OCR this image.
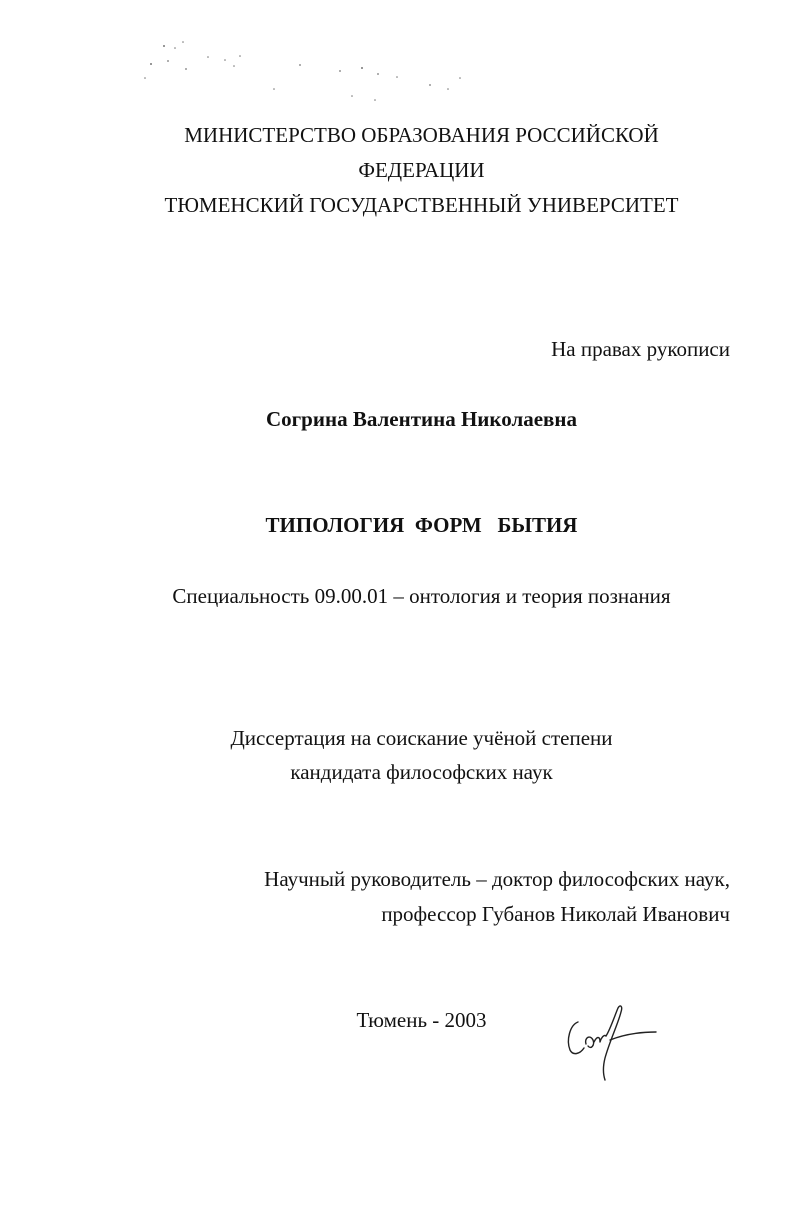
МИНИСТЕРСТВО ОБРАЗОВАНИЯ РОССИЙСКОЙ
ФЕДЕРАЦИИ
ТЮМЕНСКИЙ ГОСУДАРСТВЕННЫЙ УНИВЕРСИТЕТ
На правах рукописи
Согрина Валентина Николаевна
ТИПОЛОГИЯ  ФОРМ   БЫТИЯ
Специальность 09.00.01 – онтология и теория познания
Диссертация на соискание учёной степени
кандидата философских наук
Научный руководитель – доктор философских наук,
профессор Губанов Николай Иванович
Тюмень - 2003
